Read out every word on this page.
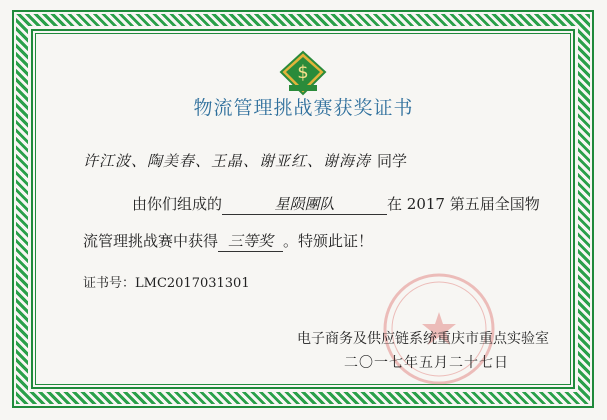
$
物流管理挑战赛获奖证书
许江波、陶美春、王晶、谢亚红、谢海涛 同学
由你们组成的	星陨團队	在 2017 第五届全国物
流管理挑战赛中获得 三等奖 。特颁此证！
证书号：LMC2017031301
电子商务及供应链系统重庆市重点实验室
二〇一七年五月二十七日
